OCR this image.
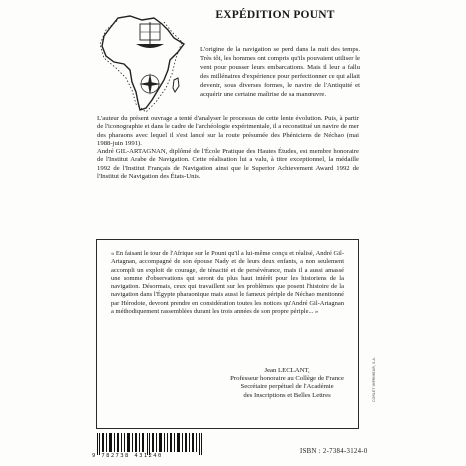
EXPÉDITION POUNT
L'origine de la navigation se perd dans la nuit des temps. Très tôt, les hommes ont compris qu'ils pouvaient utiliser le vent pour pousser leurs embarcations. Mais il leur a fallu des millénaires d'expérience pour perfectionner ce qui allait devenir, sous diverses formes, le navire de l'Antiquité et acquérir une certaine maîtrise de sa manœuvre.

L'auteur du présent ouvrage a tenté d'analyser le processus de cette lente évolution. Puis, à partir de l'iconographie et dans le cadre de l'archéologie expérimentale, il a reconstitué un navire de mer des pharaons avec lequel il s'est lancé sur la route présumée des Phéniciens de Néchao (mai 1988-juin 1991).

André GIL-ARTAGNAN, diplômé de l'École Pratique des Hautes Études, est membre honoraire de l'Institut Arabe de Navigation. Cette réalisation lui a valu, à titre exceptionnel, la médaille 1992 de l'Institut Français de Navigation ainsi que le Superior Achievement Award 1992 de l'Institut de Navigation des États-Unis.

« En faisant le tour de l'Afrique sur le Pount qu'il a lui-même conçu et réalisé, André Gil-Artagnan, accompagné de son épouse Nady et de leurs deux enfants, a non seulement accompli un exploit de courage, de ténacité et de persévérance, mais il a aussi amassé une somme d'observations qui seront du plus haut intérêt pour les historiens de la navigation. Désormais, ceux qui travaillent sur les problèmes que posent l'histoire de la navigation dans l'Égypte pharaonique mais aussi le fameux périple de Néchao mentionné par Hérodote, devront prendre en considération toutes les notices qu'André Gil-Artagnan a méthodiquement rassemblées durant les trois années de son propre périple... »

Jean LECLANT,
Professeur honoraire au Collège de France
Secrétaire perpétuel de l'Académie
des Inscriptions et Belles Lettres
9 782738 431240
ISBN : 2-7384-3124-0
CORLET IMPRIMEUR, S.A.
